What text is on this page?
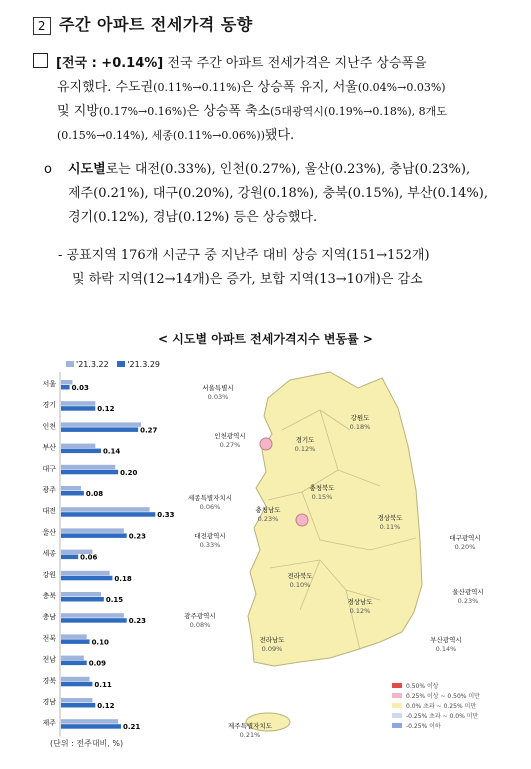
2 주간 아파트 전세가격 동향
[전국 : +0.14%] 전국 주간 아파트 전세가격은 지난주 상승폭을
유지했다. 수도권(0.11%→0.11%)은 상승폭 유지, 서울(0.04%→0.03%)
및 지방(0.17%→0.16%)은 상승폭 축소(5대광역시(0.19%→0.18%), 8개도
(0.15%→0.14%), 세종(0.11%→0.06%))됐다.
o 시도별로는 대전(0.33%), 인천(0.27%), 울산(0.23%), 충남(0.23%),
제주(0.21%), 대구(0.20%), 강원(0.18%), 충북(0.15%), 부산(0.14%),
경기(0.12%), 경남(0.12%) 등은 상승했다.
- 공표지역 176개 시군구 중 지난주 대비 상승 지역(151→152개)
및 하락 지역(12→14개)은 증가, 보합 지역(13→10개)은 감소
< 시도별 아파트 전세가격지수 변동률 >
'21.3.22 '21.3.29
서울 0.03
경기	0.12
인천	0.27
부산	0.14
대구	0.20
광주	0.08
대전	0.33
울산	0.23
세종	0.06
강원	0.18
충북	0.15
충남	0.23
전북	0.10
전남	0.09
경북	0.11
경남	0.12
제주	0.21
(단위 : 전주대비, %)
서울특별시
0.03%
인천광역시
0.27%
강원도
0.18%
경기도
0.12%
충청북도
0.15%
세종특별자치시
0.06%	충청남도
0.23%	경상북도
0.11%
대전광역시
0.33%
대구광역시
0.20%
전라북도
0.10%
울산광역시
0.23%
광주광역시
0.08%
경상남도
0.12%
부산광역시
0.14%
전라남도
0.09%
제주특별자치도
0.21%
0.50% 이상
0.25% 이상 ~ 0.50% 미만
0.0% 초과 ~ 0.25% 미만
-0.25% 초과 ~ 0.0% 미만
-0.25% 이하
